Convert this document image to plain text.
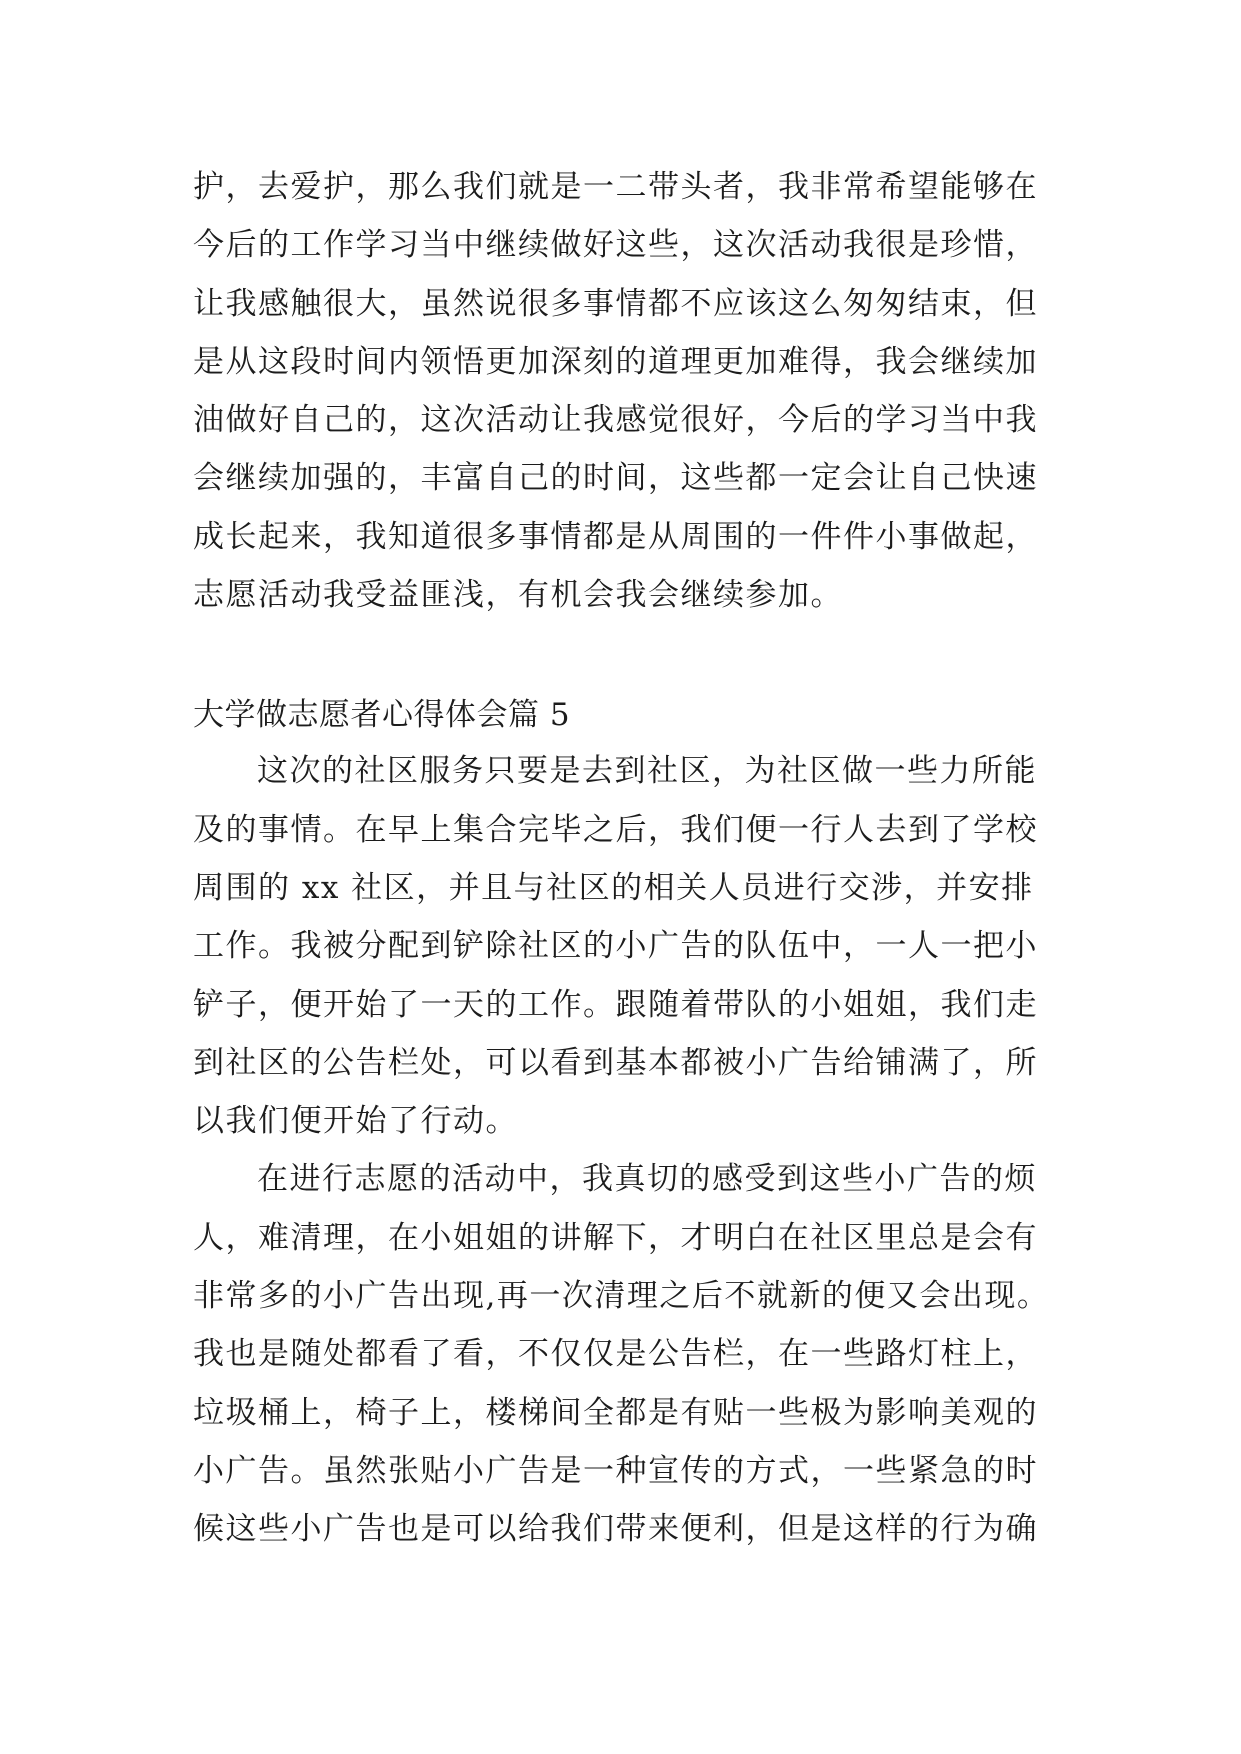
护，去爱护，那么我们就是一二带头者，我非常希望能够在
今后的工作学习当中继续做好这些，这次活动我很是珍惜，
让我感触很大，虽然说很多事情都不应该这么匆匆结束，但
是从这段时间内领悟更加深刻的道理更加难得，我会继续加
油做好自己的，这次活动让我感觉很好，今后的学习当中我
会继续加强的，丰富自己的时间，这些都一定会让自己快速
成长起来，我知道很多事情都是从周围的一件件小事做起，
志愿活动我受益匪浅，有机会我会继续参加。
大学做志愿者心得体会篇 5
这次的社区服务只要是去到社区，为社区做一些力所能
及的事情。在早上集合完毕之后，我们便一行人去到了学校
周围的 xx 社区，并且与社区的相关人员进行交涉，并安排
工作。我被分配到铲除社区的小广告的队伍中，一人一把小
铲子，便开始了一天的工作。跟随着带队的小姐姐，我们走
到社区的公告栏处，可以看到基本都被小广告给铺满了，所
以我们便开始了行动。
在进行志愿的活动中，我真切的感受到这些小广告的烦
人，难清理，在小姐姐的讲解下，才明白在社区里总是会有
非常多的小广告出现,再一次清理之后不就新的便又会出现。
我也是随处都看了看，不仅仅是公告栏，在一些路灯柱上，
垃圾桶上，椅子上，楼梯间全都是有贴一些极为影响美观的
小广告。虽然张贴小广告是一种宣传的方式，一些紧急的时
候这些小广告也是可以给我们带来便利，但是这样的行为确
